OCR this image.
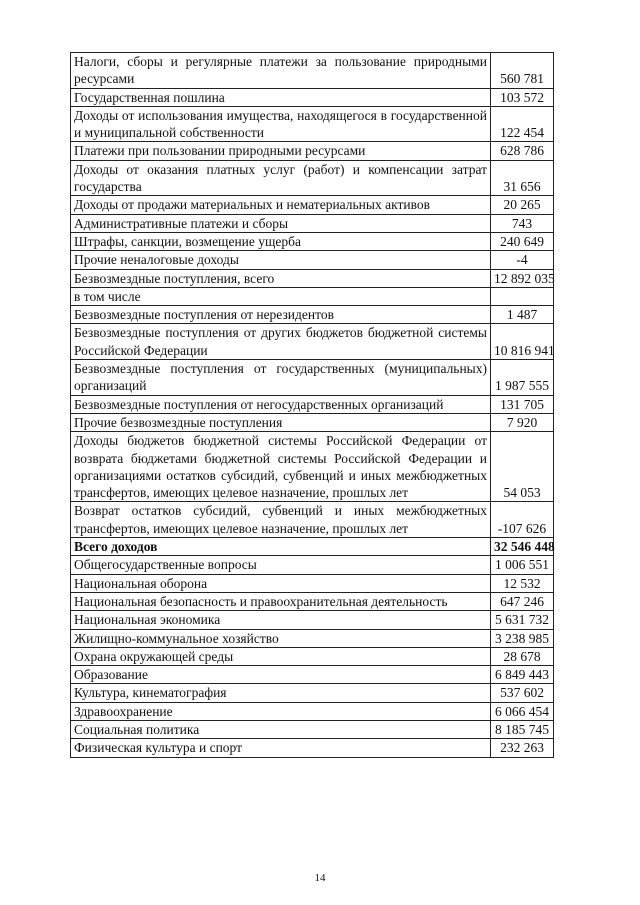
Налоги, сборы и регулярные платежи за пользование природными ресурсами	560 781
Государственная пошлина	103 572
Доходы от использования имущества, находящегося в государственной и муниципальной собственности	122 454
Платежи при пользовании природными ресурсами	628 786
Доходы от оказания платных услуг (работ) и компенсации затрат государства	31 656
Доходы от продажи материальных и нематериальных активов	20 265
Административные платежи и сборы	743
Штрафы, санкции, возмещение ущерба	240 649
Прочие неналоговые доходы	-4
Безвозмездные поступления, всего	12 892 035
в том числе	
Безвозмездные поступления от нерезидентов	1 487
Безвозмездные поступления от других бюджетов бюджетной системы Российской Федерации	10 816 941
Безвозмездные поступления от государственных (муниципальных) организаций	1 987 555
Безвозмездные поступления от негосударственных организаций	131 705
Прочие безвозмездные поступления	7 920
Доходы бюджетов бюджетной системы Российской Федерации от возврата бюджетами бюджетной системы Российской Федерации и организациями остатков субсидий, субвенций и иных межбюджетных трансфертов, имеющих целевое назначение, прошлых лет	54 053
Возврат остатков субсидий, субвенций и иных межбюджетных трансфертов, имеющих целевое назначение, прошлых лет	-107 626
Всего доходов	32 546 448
Общегосударственные вопросы	1 006 551
Национальная оборона	12 532
Национальная безопасность и правоохранительная деятельность	647 246
Национальная экономика	5 631 732
Жилищно-коммунальное хозяйство	3 238 985
Охрана окружающей среды	28 678
Образование	6 849 443
Культура, кинематография	537 602
Здравоохранение	6 066 454
Социальная политика	8 185 745
Физическая культура и спорт	232 263
14
